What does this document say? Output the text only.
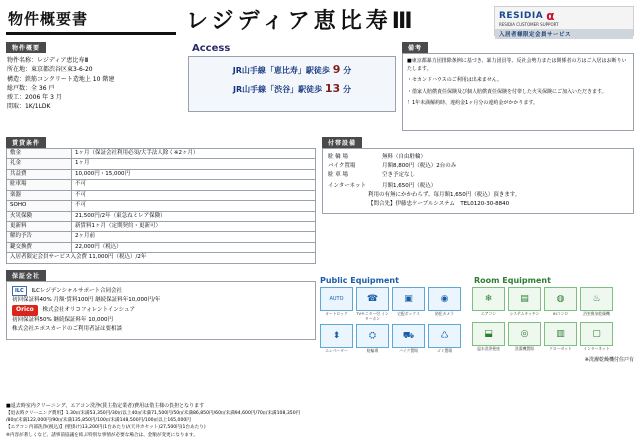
物件概要書	レジディア恵比寿Ⅲ	RESIDIA α
RESIDIA CUSTOMER SUPPORT
入居者様限定会員サービス
物件概要
物件名称：レジディア恵比寿Ⅲ
所在地：東京都渋谷区東3-6-20
構造：鉄筋コンクリート造地上 10 階建
総戸数：全 36 戸
竣工：2006 年 3 月
間取：1K/1LDK
Access
JR山手線「恵比寿」駅徒歩 9 分
JR山手線「渋谷」駅徒歩 13 分
備考

■東京都暴力団排除条例に基づき、暴力団員等、反社会勢力または関係者の方はご入居はお断りいたします。

・セカンドハウスのご利用は出来ません。

・借家人賠償責任保険及び個人賠償責任保険を付帯した火災保険にご加入いただきます。

！1年未満解約時、違約金1ヶ月分の違約金がかかります。

賃貸条件
敷金	1ヶ月（保証会社利用必須/大手法人除く※2ヶ月）
礼金	1ヶ月
共益費	10,000円・15,000円
駐車場	不可
楽器	不可
SOHO	不可
火災保険	21,500円/2年（東急ねミレア保険）
更新料	新賃料1ヶ月（定期契約・更新可）
解約予告	2ヶ月前
鍵交換費	22,000円（税込）
入居者限定会員サービス入会費 11,000円（税込）/2年	
付帯設備
駐 輪 場	無料（自由駐輪）
バイク置場	月額8,800円（税込）2台のみ
駐 車 場	空き予定なし
インターネット	月額1,650円（税込）
利用の有無にかかわらず、毎月額1,650円（税込）頂きます。
【問合先】伊藤忠ケーブルシステム　TEL0120-30-8840
保証会社
ILC ILCレジデンシャルサポート合同会社
初回保証料40% 月額־賃料100円 継続保証料年10,000円/年
Orico 株式会社オリコフォレントインシュア
初回保証料50% 継続保証料年 10,000円
株式会社エポスカードのご利用者証は要相談
Public Equipment	Room Equipment
AUTO
オートロック
☎
TVモニター付 インターホン
▣
宅配ボックス
◉
防犯カメラ
⬍
エレベーター
⛭
駐輪場
⛟
バイク置場
♺
ゴミ置場
❄
エアコン
▤
システムキッチン
◍
IHコンロ
♨
浴室換気乾燥機
⬓
温水洗浄便座
◎
洗濯機置場
▥
クローゼット
▢
インターネット
※洗濯乾燥機付住戸有
■退去時室内クリーニング、エアコン洗浄(賃主指定業者)費用は借主様の負担となります
【退去時クリーニング費用】1.30㎡未満53,350円/30㎡以上40㎡未満71,500円/50㎡未満86,850円/60㎡未満94,600円/70㎡未満108,350円
/80㎡未満122,000円/90㎡未満135,850円/100㎡未満148,500円/100㎡以上165,000円
【エアコン内部洗浄(税込)】(壁掛け)13,200円(1台あたり)/(天井カセット)27,500円(1台あたり)
※内容が著しくなど、諸事前協議を結ぶ特別な事情が必要な場合は、金額が変更になります。
